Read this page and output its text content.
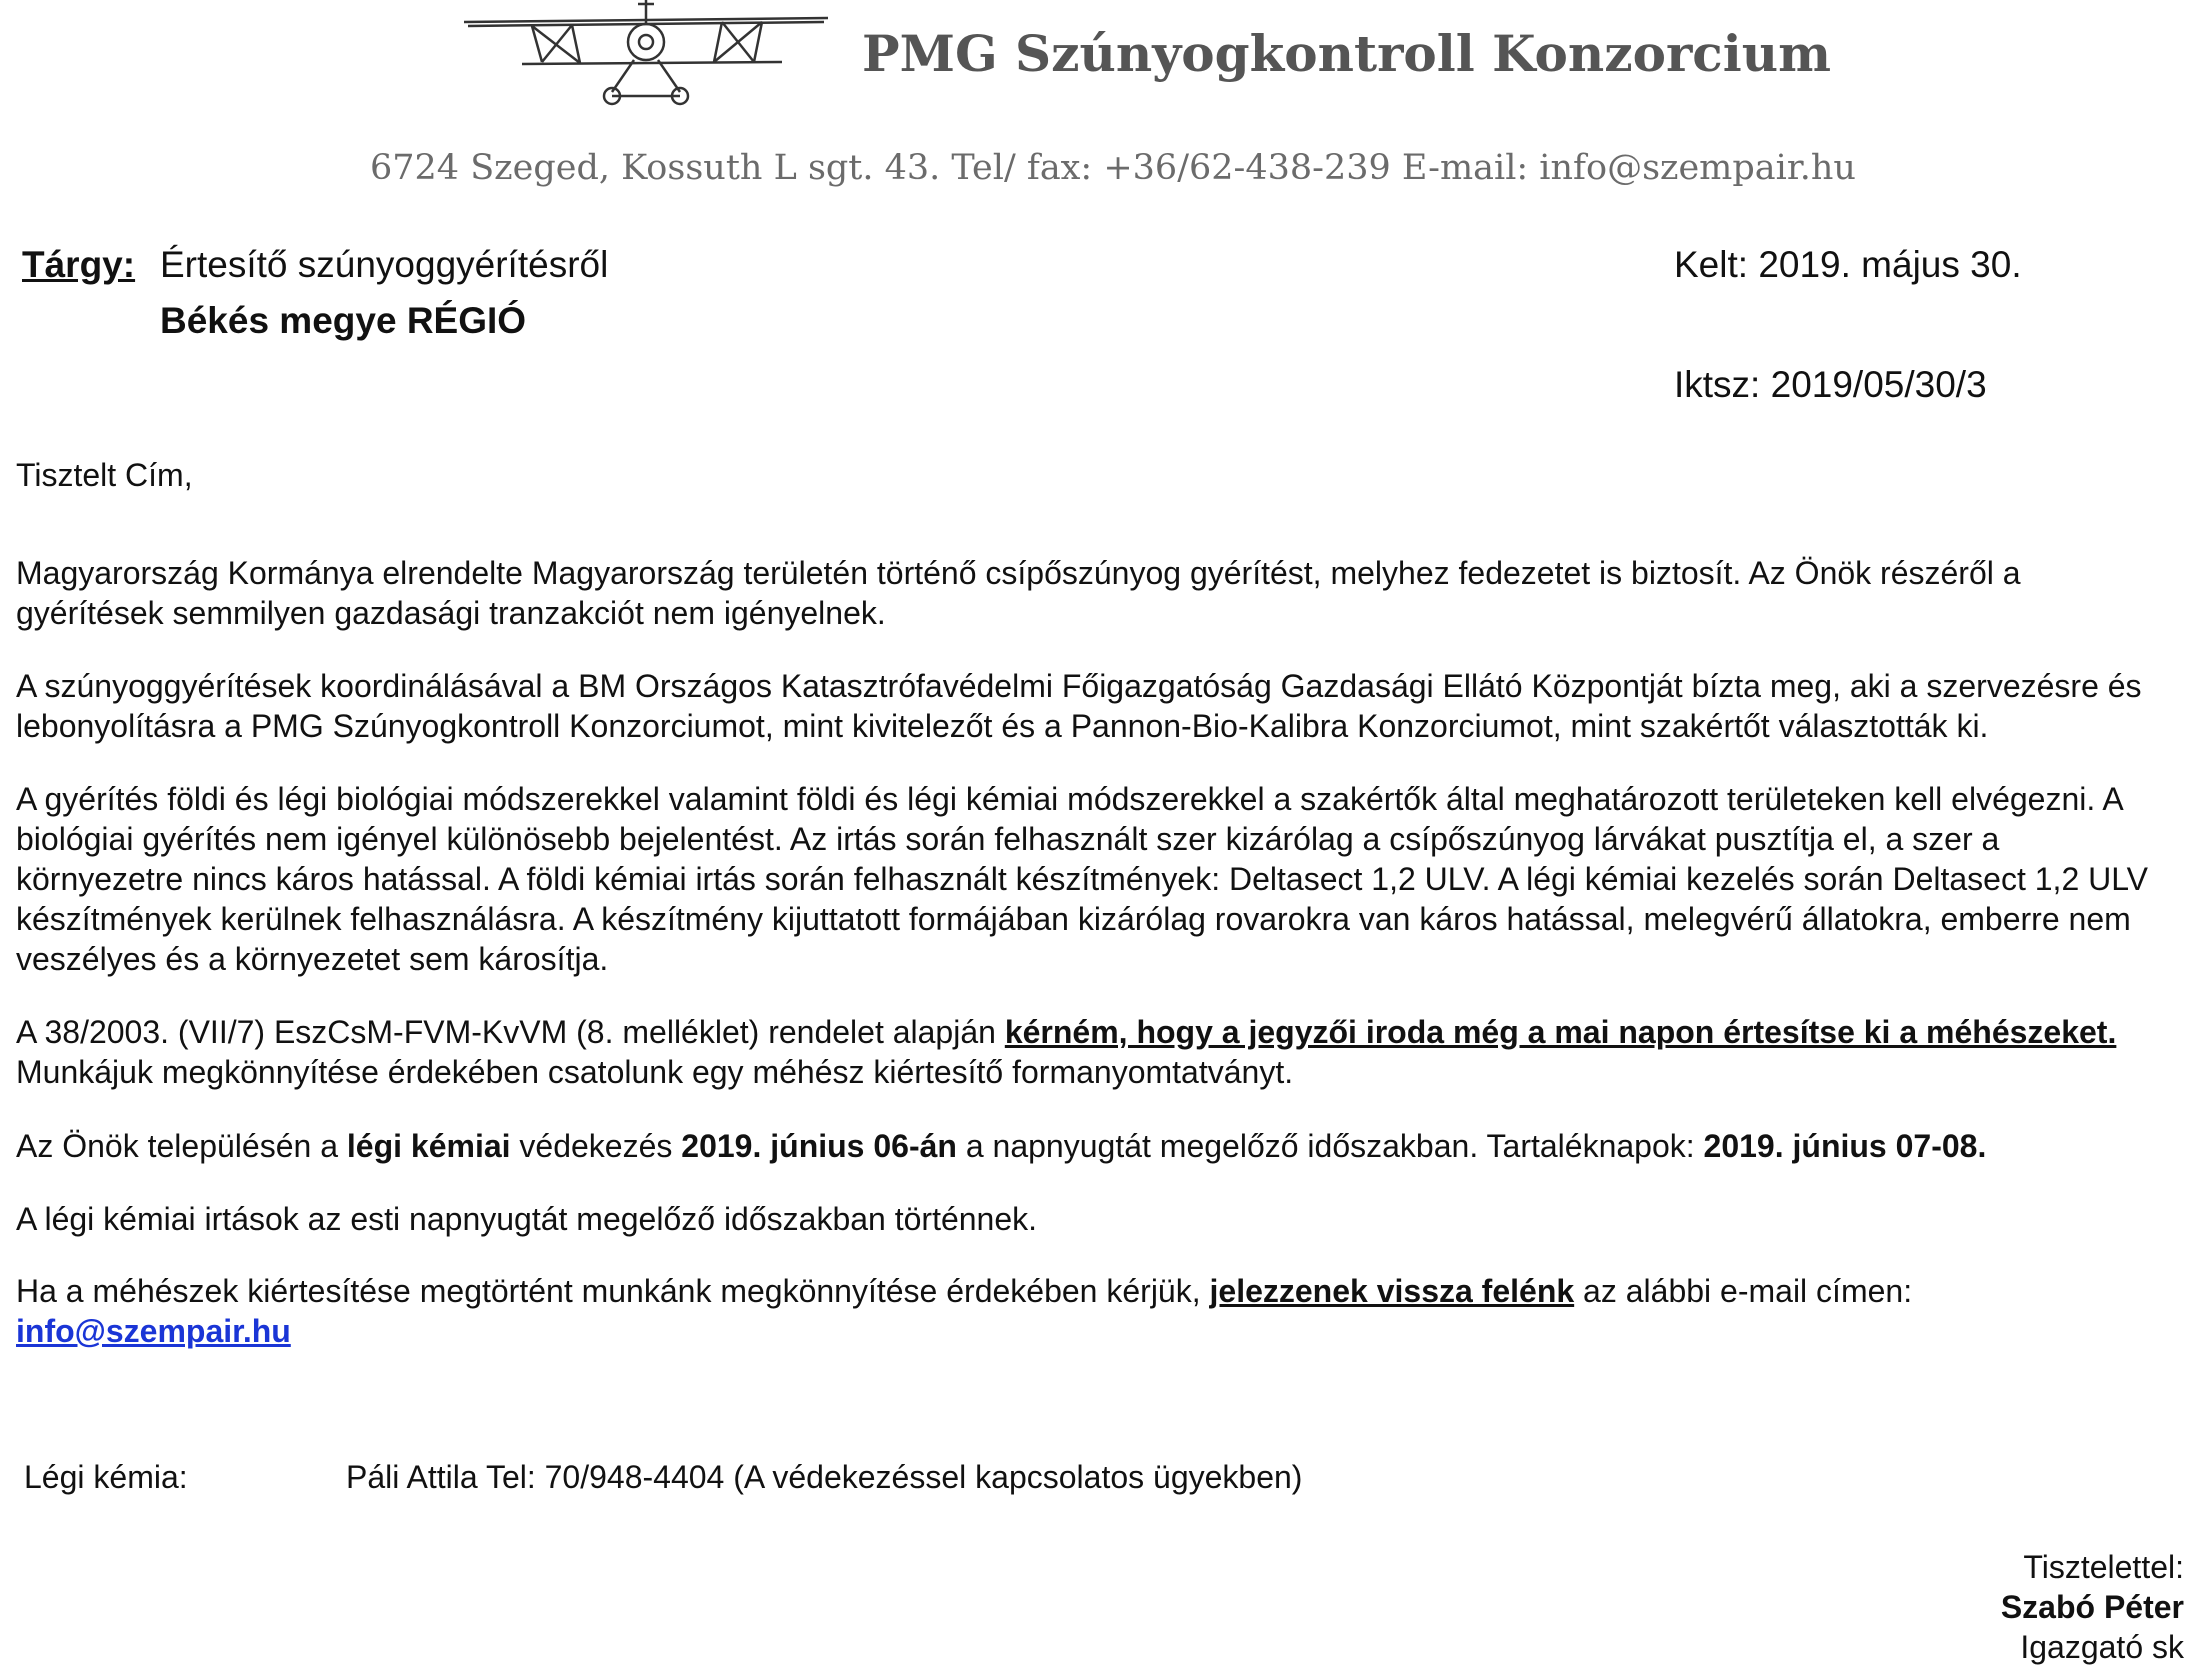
PMG Szúnyogkontroll Konzorcium
6724 Szeged, Kossuth L sgt. 43. Tel/ fax: +36/62-438-239 E-mail: info@szempair.hu
Tárgy: Értesítő szúnyoggyérítésről
Békés megye RÉGIÓ
Kelt: 2019. május 30.
Iktsz: 2019/05/30/3
Tisztelt Cím,
Magyarország Kormánya elrendelte Magyarország területén történő csípőszúnyog gyérítést, melyhez fedezetet is biztosít. Az Önök részéről a gyérítések semmilyen gazdasági tranzakciót nem igényelnek.
A szúnyoggyérítések koordinálásával a BM Országos Katasztrófavédelmi Főigazgatóság Gazdasági Ellátó Központját bízta meg, aki a szervezésre és lebonyolításra a PMG Szúnyogkontroll Konzorciumot, mint kivitelezőt és a Pannon-Bio-Kalibra Konzorciumot, mint szakértőt választották ki.
A gyérítés földi és légi biológiai módszerekkel valamint földi és légi kémiai módszerekkel a szakértők által meghatározott területeken kell elvégezni. A biológiai gyérítés nem igényel különösebb bejelentést. Az irtás során felhasznált szer kizárólag a csípőszúnyog lárvákat pusztítja el, a szer a környezetre nincs káros hatással. A földi kémiai irtás során felhasznált készítmények: Deltasect 1,2 ULV. A légi kémiai kezelés során Deltasect 1,2 ULV készítmények kerülnek felhasználásra. A készítmény kijuttatott formájában kizárólag rovarokra van káros hatással, melegvérű állatokra, emberre nem veszélyes és a környezetet sem károsítja.
A 38/2003. (VII/7) EszCsM-FVM-KvVM (8. melléklet) rendelet alapján kérném, hogy a jegyzői iroda még a mai napon értesítse ki a méhészeket. Munkájuk megkönnyítése érdekében csatolunk egy méhész kiértesítő formanyomtatványt.
Az Önök településén a légi kémiai védekezés 2019. június 06-án a napnyugtát megelőző időszakban. Tartaléknapok: 2019. június 07-08.
A légi kémiai irtások az esti napnyugtát megelőző időszakban történnek.
Ha a méhészek kiértesítése megtörtént munkánk megkönnyítése érdekében kérjük, jelezzenek vissza felénk az alábbi e-mail címen:
info@szempair.hu
Légi kémia:	Páli Attila Tel: 70/948-4404 (A védekezéssel kapcsolatos ügyekben)
Tisztelettel:
Szabó Péter
Igazgató sk
